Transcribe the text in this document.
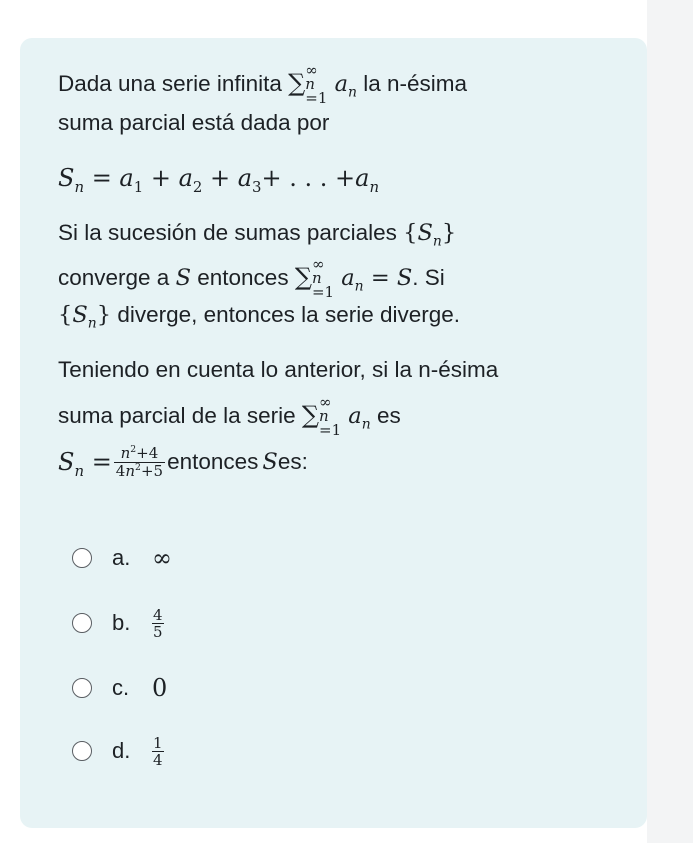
Dada una serie infinita ∑ ∞
n
=1
$a_n$ la n-ésima
suma parcial está dada por
$S_n = a_1 + a_2 + a_3+$ . . . $+a_n$
Si la sucesión de sumas parciales $\{S_n\}$
converge a S entonces ∑ ∞
n
=1
$a_n = S$. Si
$\{S_n\}$ diverge, entonces la serie diverge.
Teniendo en cuenta lo anterior, si la n-ésima
suma parcial de la serie ∑ ∞
n
=1
$a_n$ es
$S_n = \frac{n^2+4}{4n^2+5}$ entonces S es:
a. ∞
b.	$\frac{4}{5}$
c. 0
d.	$\frac{1}{4}$
